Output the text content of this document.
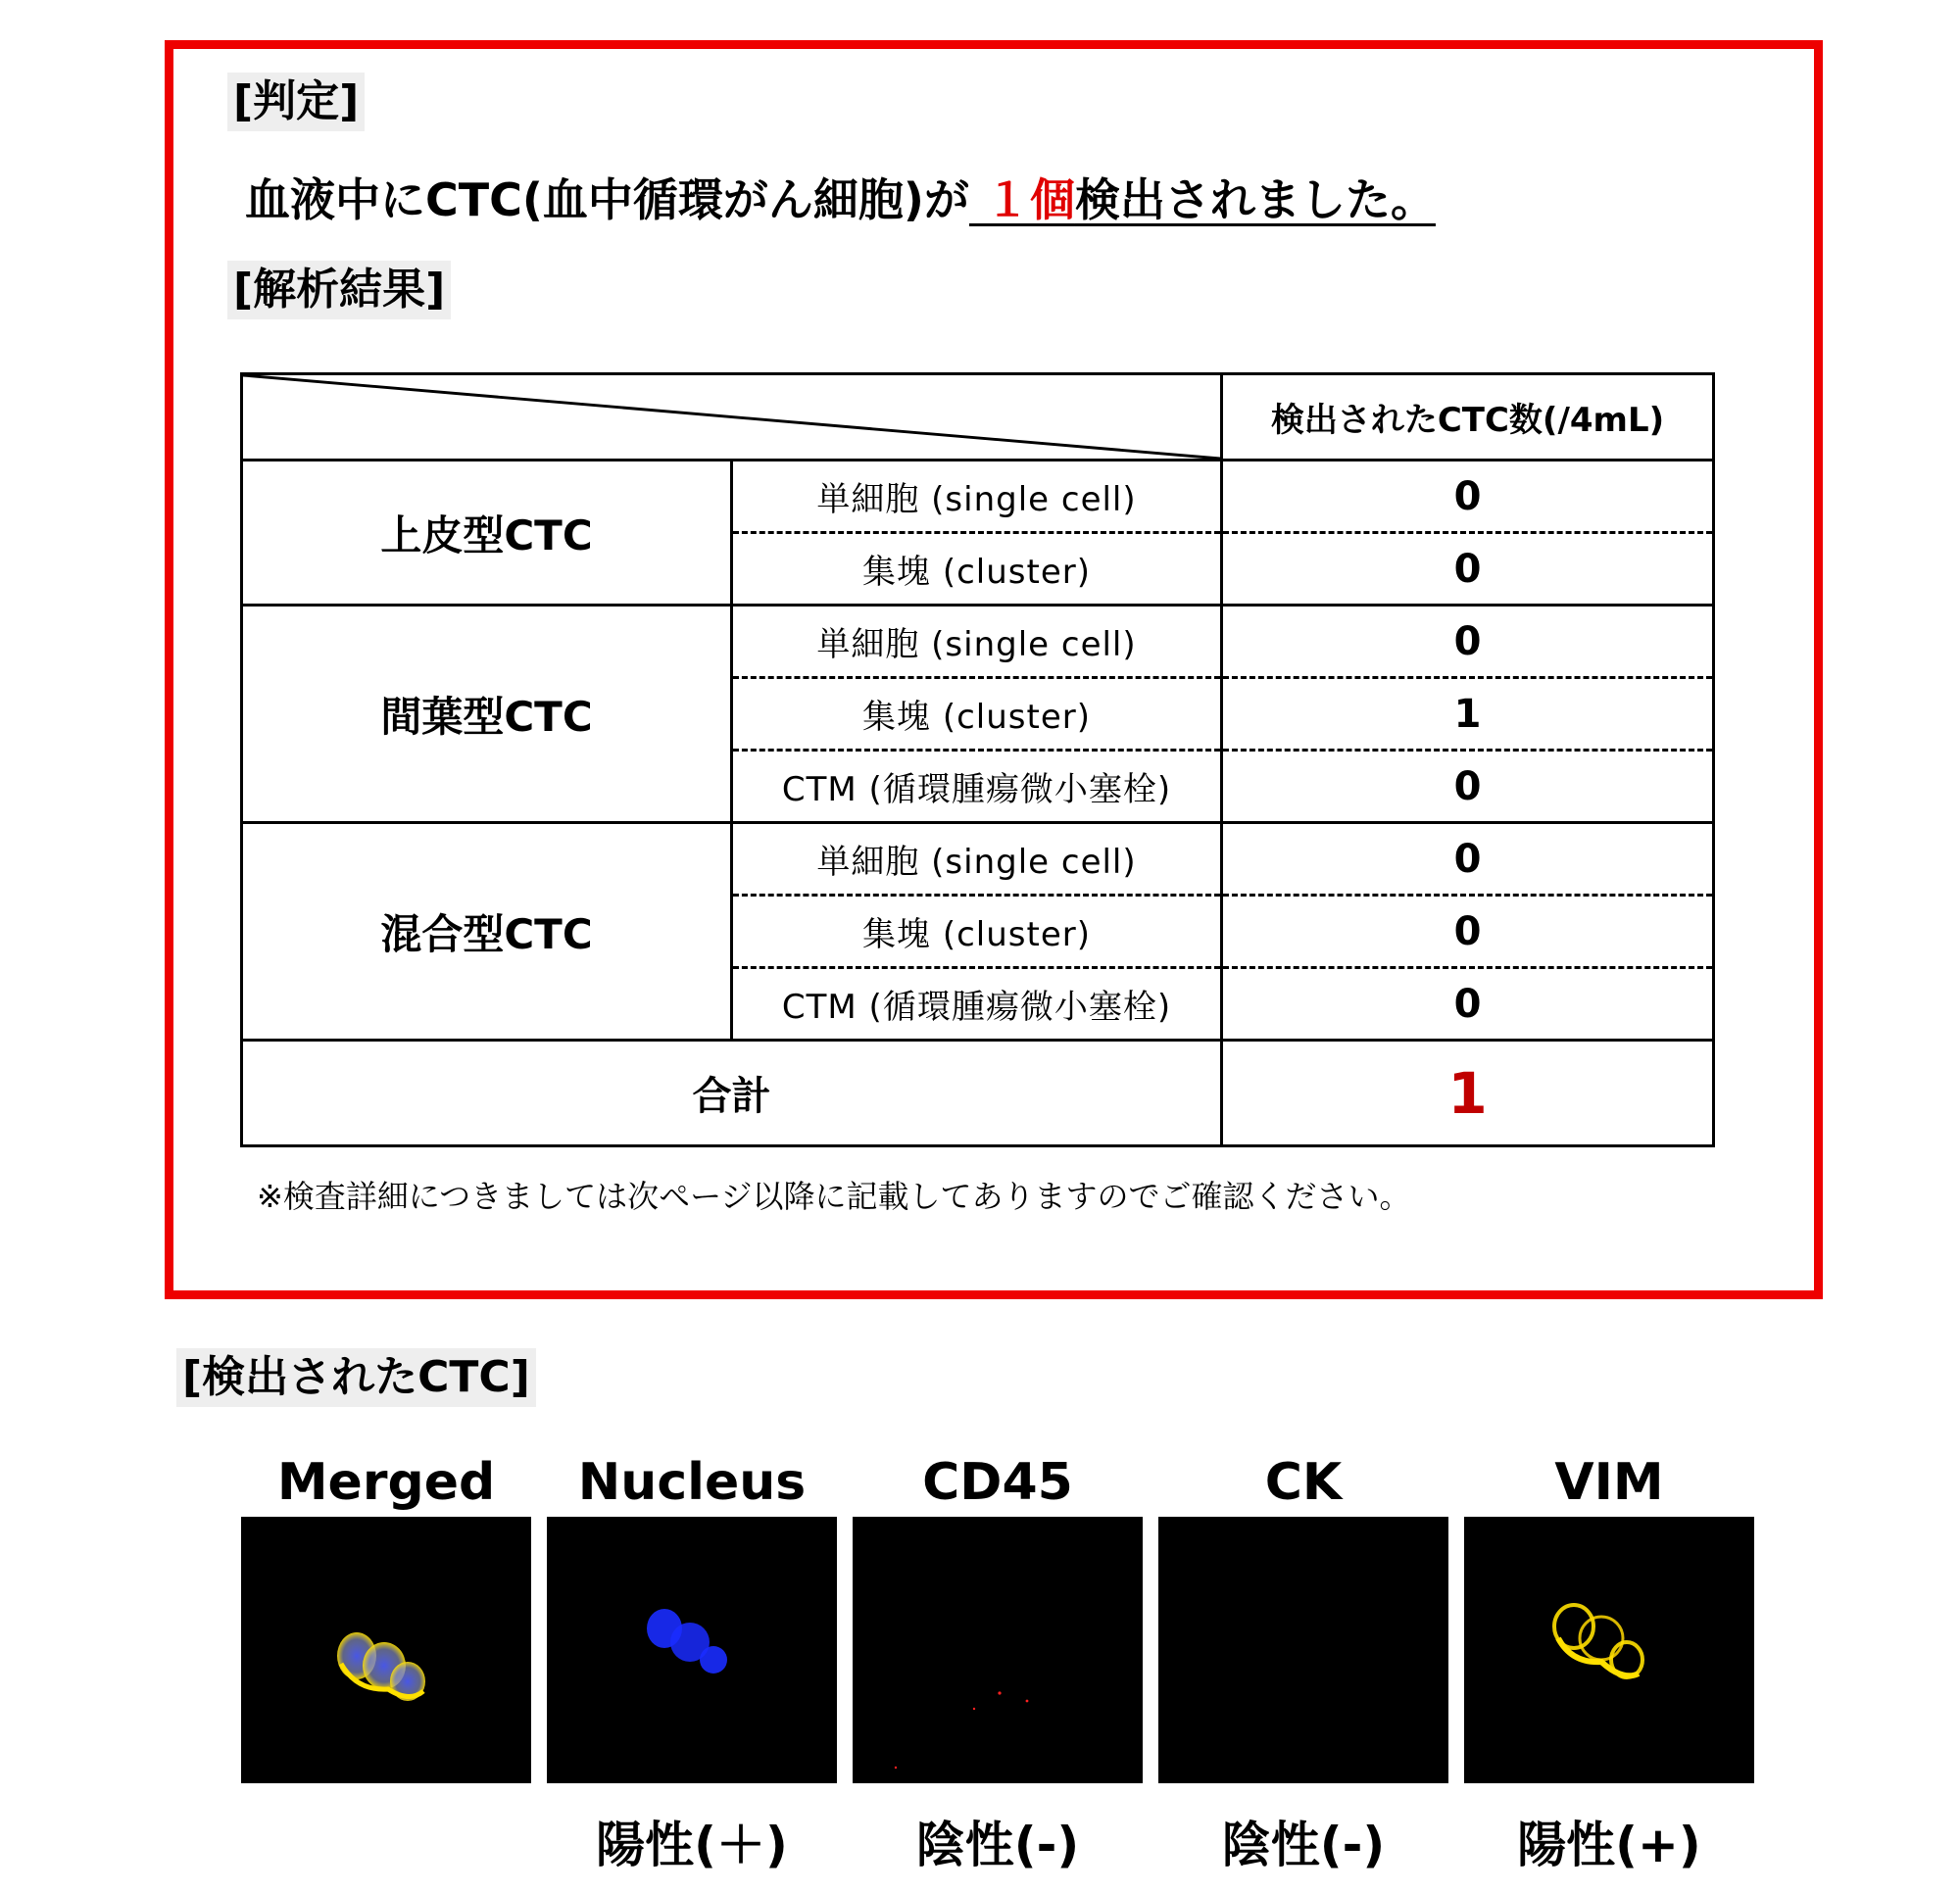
[判定]
血液中にCTC(血中循環がん細胞)が １個検出されました。
[解析結果]
	検出されたCTC数(/4mL)
上皮型CTC	単細胞 (single cell)	0
	集塊 (cluster)	0
間葉型CTC	単細胞 (single cell)	0
	集塊 (cluster)	1
	CTM (循環腫瘍微小塞栓)	0
混合型CTC	単細胞 (single cell)	0
	集塊 (cluster)	0
	CTM (循環腫瘍微小塞栓)	0
合計		1
※検査詳細につきましては次ページ以降に記載してありますのでご確認ください。
[検出されたCTC]
Merged	Nucleus
陽性(＋)
CD45
陰性(-)
CK
陰性(-)
VIM
陽性(+)
